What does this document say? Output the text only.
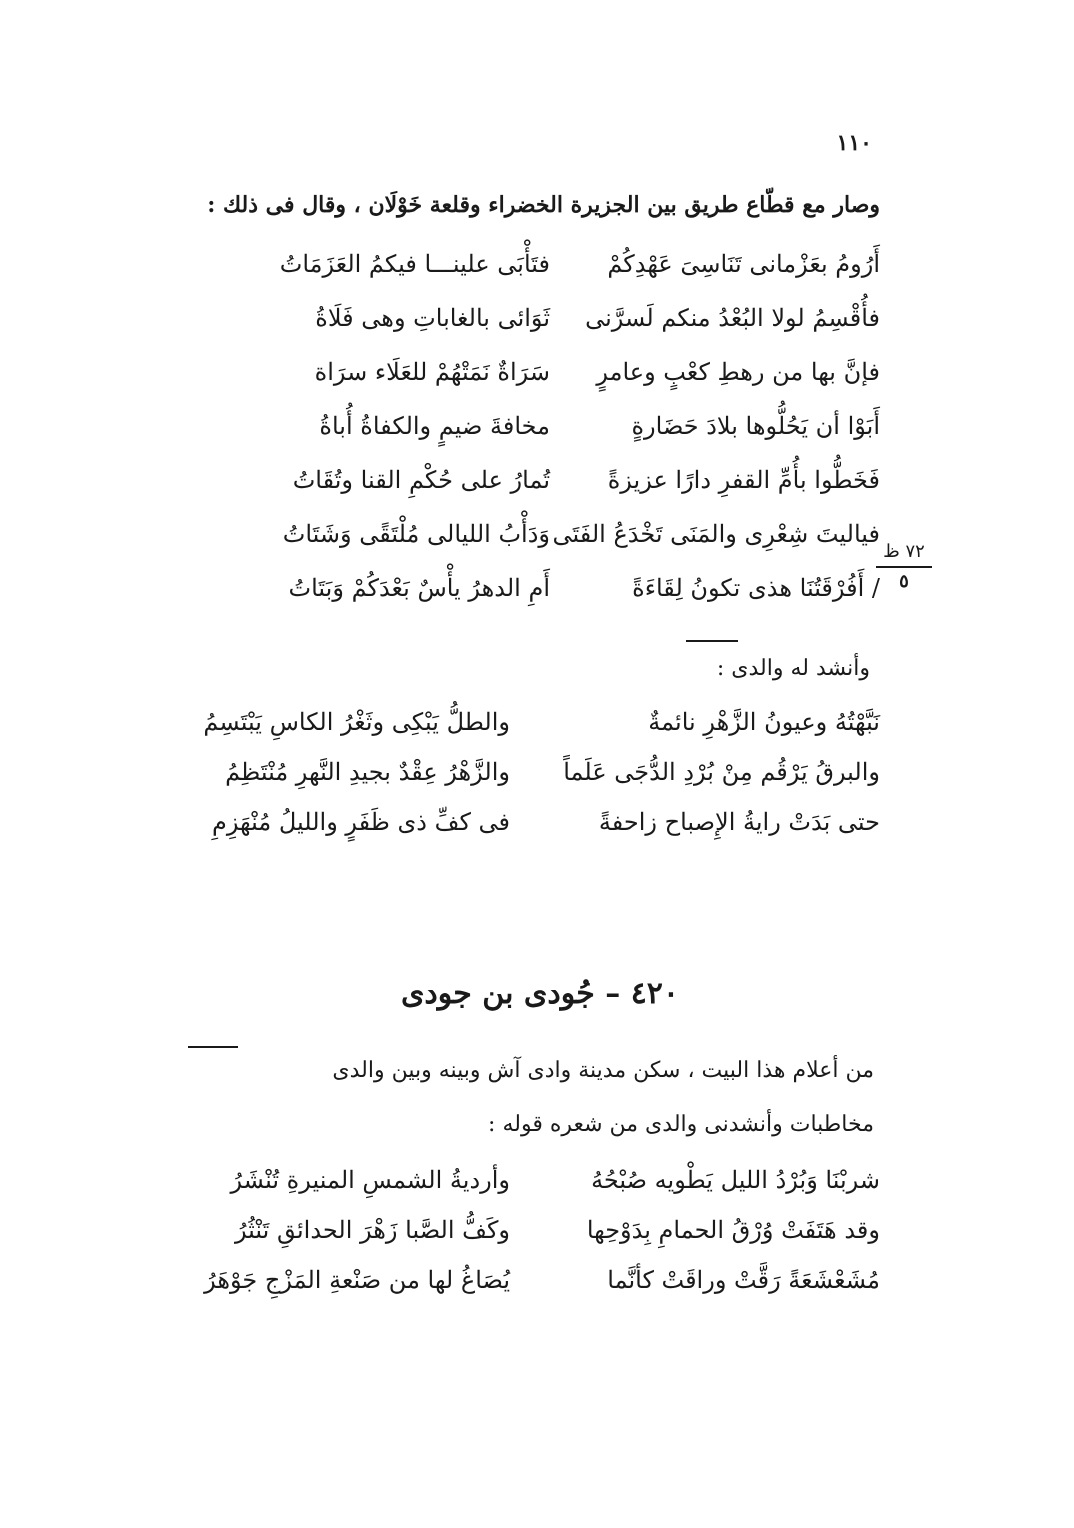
١١٠
وصار مع قطّاع طريق بين الجزيرة الخضراء وقلعة خَوْلَان ، وقال فى ذلك :
أَرُومُ بعَزْمانى تَنَاسِىَ عَهْدِكُمْ
فتَأْبَى علينـــا فيكمُ العَزَمَاتُ
فأُقْسِمُ لولا البُعْدُ منكم لَسرَّنى
ثَوَائى بالغاباتِ وهى فَلَاةُ
فإنَّ بها من رهطِ كعْبٍ وعامرٍ
سَرَاةٌ نَمَتْهُمْ للعَلَاء سرَاة
أَبَوْا أن يَحُلُّوها بلادَ حَضَارةٍ
مخافةَ ضيمٍ والكفاةُ أُباةُ
فَخَطُّوا بأُمِّ القفرِ دارًا عزيزةً
تُمارُ على حُكْمِ القنا وتُقَاتُ
فياليتَ شِعْرِى والمَنَى تَخْدَعُ الفَتَى
وَدَأْبُ الليالى مُلْتَقًى وَشَتَاتُ
/ أَفُرْقَتُنَا هذى تكونُ لِقَاءَةً
أَمِ الدهرُ يأْسٌ بَعْدَكُمْ وَبَتَاتُ
٧٢ ظ
٥
وأنشد له والدى :
نَبَّهْتُهُ وعيونُ الزَّهْرِ نائمةٌ
والطلُّ يَبْكِى وثَغْرُ الكاسِ يَبْتَسِمُ
والبرقُ يَرْقُم مِنْ بُرْدِ الدُّجَى عَلَماً
والزَّهْرُ عِقْدٌ بجيدِ النَّهرِ مُنْتَظِمُ
حتى بَدَتْ رايةُ الإِصباح زاحفةً
فى كفِّ ذى ظَفَرٍ والليلُ مُنْهَزِمِ
٤٢٠ – جُودى بن جودى
من أعلام هذا البيت ، سكن مدينة وادى آش وبينه وبين والدى
مخاطبات وأنشدنى والدى من شعره قوله :
شربْنَا وَبُرْدُ الليل يَطْويه صُبْحُهُ
وأرديةُ الشمسِ المنيرةِ تُنْشَرُ
وقد هَتَفَتْ وُرْقُ الحمامِ بِدَوْحِها
وكَفُّ الصَّبا زَهْرَ الحدائقِ تَنْثُرُ
مُشَعْشَعَةً رَقَّتْ وراقَتْ كأنَّما
يُصَاغُ لها من صَنْعةِ المَزْجِ جَوْهَرُ
